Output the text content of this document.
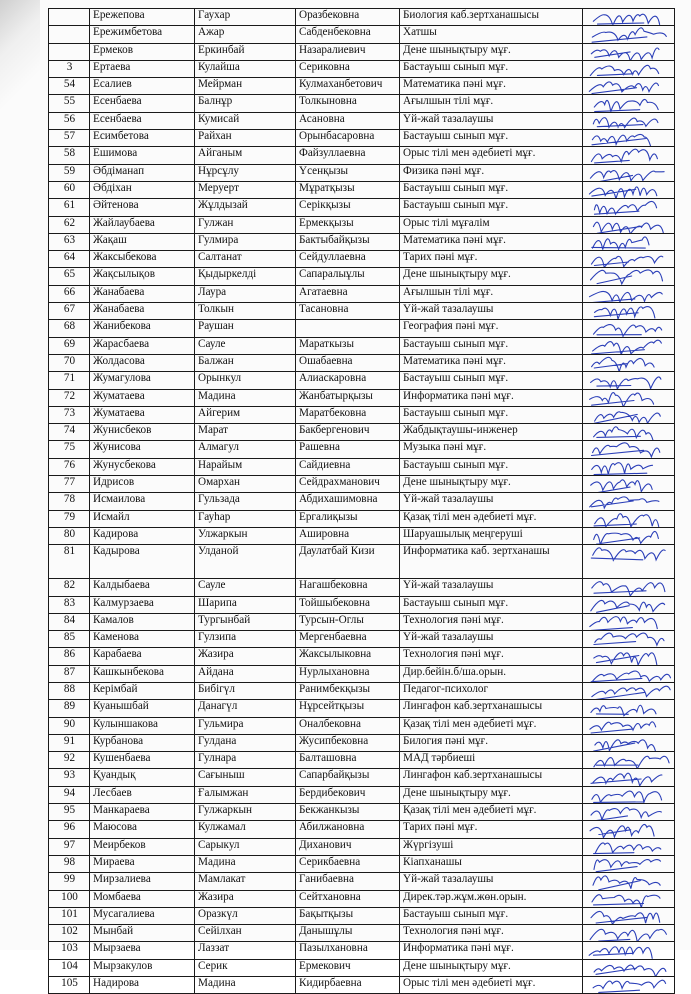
	Ережепова	Гаухар	Оразбековна	Биология каб.зертханашысы	

	Ережимбетова	Ажар	Сабденбековна	Хатшы	

	Ермеков	Еркинбай	Назаралиевич	Дене шынықтыру мұғ.	

3	Ертаева	Кулайша	Сериковна	Бастауыш сынып мұғ.	

54	Есалиев	Мейрман	Кулмаханбетович	Математика пәні мұғ.	

55	Есенбаева	Балнұр	Толкыновна	Ағылшын тілі мұғ.	

56	Есенбаева	Кумисай	Асановна	Үй-жай тазалаушы	

57	Есимбетова	Райхан	Орынбасаровна	Бастауыш сынып мұғ.	

58	Ешимова	Айганым	Файзуллаевна	Орыс тілі мен әдебиеті мұғ.	

59	Әбдіманап	Нұрсұлу	Үсенқызы	Физика пәні мұғ.	

60	Әбдіхан	Меруерт	Мұратқызы	Бастауыш сынып мұғ.	

61	Әйтенова	Жұлдызай	Серікқызы	Бастауыш сынып мұғ.	

62	Жайлаубаева	Гулжан	Ермекқызы	Орыс тілі мұғалім	

63	Жақаш	Гулмира	Бактыбайқызы	Математика пәні мұғ.	

64	Жаксыбекова	Салтанат	Сейдуллаевна	Тарих пәні мұғ.	

65	Жақсылықов	Қыдыркелді	Сапаралыұлы	Дене шынықтыру мұғ.	

66	Жанабаева	Лаура	Агатаевна	Ағылшын тілі мұғ.	

67	Жанабаева	Толкын	Тасановна	Үй-жай тазалаушы	

68	Жанибекова	Раушан		География пәні мұғ.	

69	Жарасбаева	Сауле	Мараткызы	Бастауыш сынып мұғ.	

70	Жолдасова	Балжан	Ошабаевна	Математика пәні мұғ.	

71	Жумагулова	Орынкул	Алиаскаровна	Бастауыш сынып мұғ.	

72	Жуматаева	Мадина	Жанбатырқызы	Информатика пәні мұғ.	

73	Жуматаева	Айгерим	Маратбековна	Бастауыш сынып мұғ.	

74	Жунисбеков	Марат	Бакбергенович	Жабдықтаушы-инженер	

75	Жунисова	Алмагул	Рашевна	Музыка пәні мұғ.	

76	Жунусбекова	Нарайым	Сайдиевна	Бастауыш сынып мұғ.	

77	Идрисов	Омархан	Сейдрахманович	Дене шынықтыру мұғ.	

78	Исмаилова	Гульзада	Абдихашимовна	Үй-жай тазалаушы	

79	Исмайл	Гауһар	Ергалиқызы	Қазақ тілі мен әдебиеті мұғ.	

80	Кадирова	Улжаркын	Ашировна	Шаруашылық меңгеруші	

81	Кадырова	Улданой	Даулатбай Кизи	Информатика каб. зертханашы	

82	Калдыбаева	Сауле	Нагашбековна	Үй-жай тазалаушы	

83	Калмурзаева	Шарипа	Тойшыбековна	Бастауыш сынып мұғ.	

84	Камалов	Тургынбай	Турсын-Оглы	Технология пәні мұғ.	

85	Каменова	Гулзипа	Мергенбаевна	Үй-жай тазалаушы	

86	Карабаева	Жазира	Жаксылыковна	Технология пәні мұғ.	

87	Кашкынбекова	Айдана	Нурлыхановна	Дир.бейін.б/ша.орын.	

88	Керімбай	Бибігүл	Ранимбекқызы	Педагог-психолог	

89	Куанышбай	Данагүл	Нұрсейтқызы	Лингафон каб.зертханашысы	

90	Кулыншакова	Гульмира	Оналбековна	Қазақ тілі мен әдебиеті мұғ.	

91	Курбанова	Гулдана	Жусипбековна	Билогия пәні мұғ.	

92	Кушенбаева	Гулнара	Балташовна	МАД тәрбиеші	

93	Қуандық	Сағыныш	Сапарбайқызы	Лингафон каб.зертханашысы	

94	Лесбаев	Ғалымжан	Бердибекович	Дене шынықтыру мұғ.	

95	Манкараева	Гулжаркын	Бекжанкызы	Қазақ тілі мен әдебиеті мұғ.	

96	Маюсова	Кулжамал	Абилжановна	Тарих пәні мұғ.	

97	Меирбеков	Сарыкул	Диханович	Жүргізуші	

98	Мираева	Мадина	Серикбаевна	Кіапханашы	

99	Мирзалиева	Мамлакат	Ганибаевна	Үй-жай тазалаушы	

100	Момбаева	Жазира	Сейтхановна	Дирек.тәр.жұм.жөн.орын.	

101	Мусагалиева	Оразкүл	Бақытқызы	Бастауыш сынып мұғ.	

102	Мынбай	Сейілхан	Данышұлы	Технология пәні мұғ.	

103	Мырзаева	Лаззат	Пазылхановна	Информатика пәні мұғ.	

104	Мырзакулов	Серик	Ермекович	Дене шынықтыру мұғ.	

105	Надирова	Мадина	Кидирбаевна	Орыс тілі мен әдебиеті мұғ.	
